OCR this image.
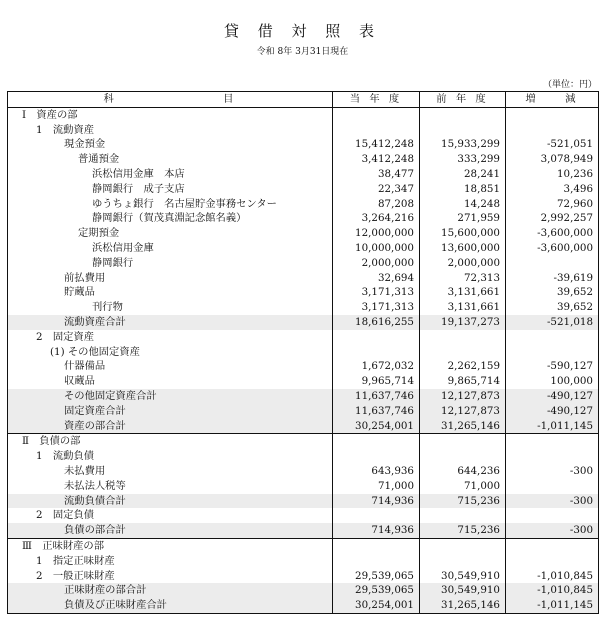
貸 借 対 照 表
令和 8年 3月31日現在
（単位：円）
科　　　　　　　　目	当 年 度	前 年 度	増　　減
Ⅰ　資産の部			
1　流動資産			
現金預金	15,412,248	15,933,299	-521,051
普通預金	3,412,248	333,299	3,078,949
浜松信用金庫　本店	38,477	28,241	10,236
静岡銀行　成子支店	22,347	18,851	3,496
ゆうちょ銀行　名古屋貯金事務センター	87,208	14,248	72,960
静岡銀行（賀茂真淵記念館名義）	3,264,216	271,959	2,992,257
定期預金	12,000,000	15,600,000	-3,600,000
浜松信用金庫	10,000,000	13,600,000	-3,600,000
静岡銀行	2,000,000	2,000,000	
前払費用	32,694	72,313	-39,619
貯蔵品	3,171,313	3,131,661	39,652
刊行物	3,171,313	3,131,661	39,652
流動資産合計	18,616,255	19,137,273	-521,018
2　固定資産			
(1) その他固定資産			
什器備品	1,672,032	2,262,159	-590,127
収蔵品	9,965,714	9,865,714	100,000
その他固定資産合計	11,637,746	12,127,873	-490,127
固定資産合計	11,637,746	12,127,873	-490,127
資産の部合計	30,254,001	31,265,146	-1,011,145
Ⅱ　負債の部			
1　流動負債			
未払費用	643,936	644,236	-300
未払法人税等	71,000	71,000	
流動負債合計	714,936	715,236	-300
2　固定負債			
負債の部合計	714,936	715,236	-300
Ⅲ　正味財産の部			
1　指定正味財産			
2　一般正味財産	29,539,065	30,549,910	-1,010,845
正味財産の部合計	29,539,065	30,549,910	-1,010,845
負債及び正味財産合計	30,254,001	31,265,146	-1,011,145
